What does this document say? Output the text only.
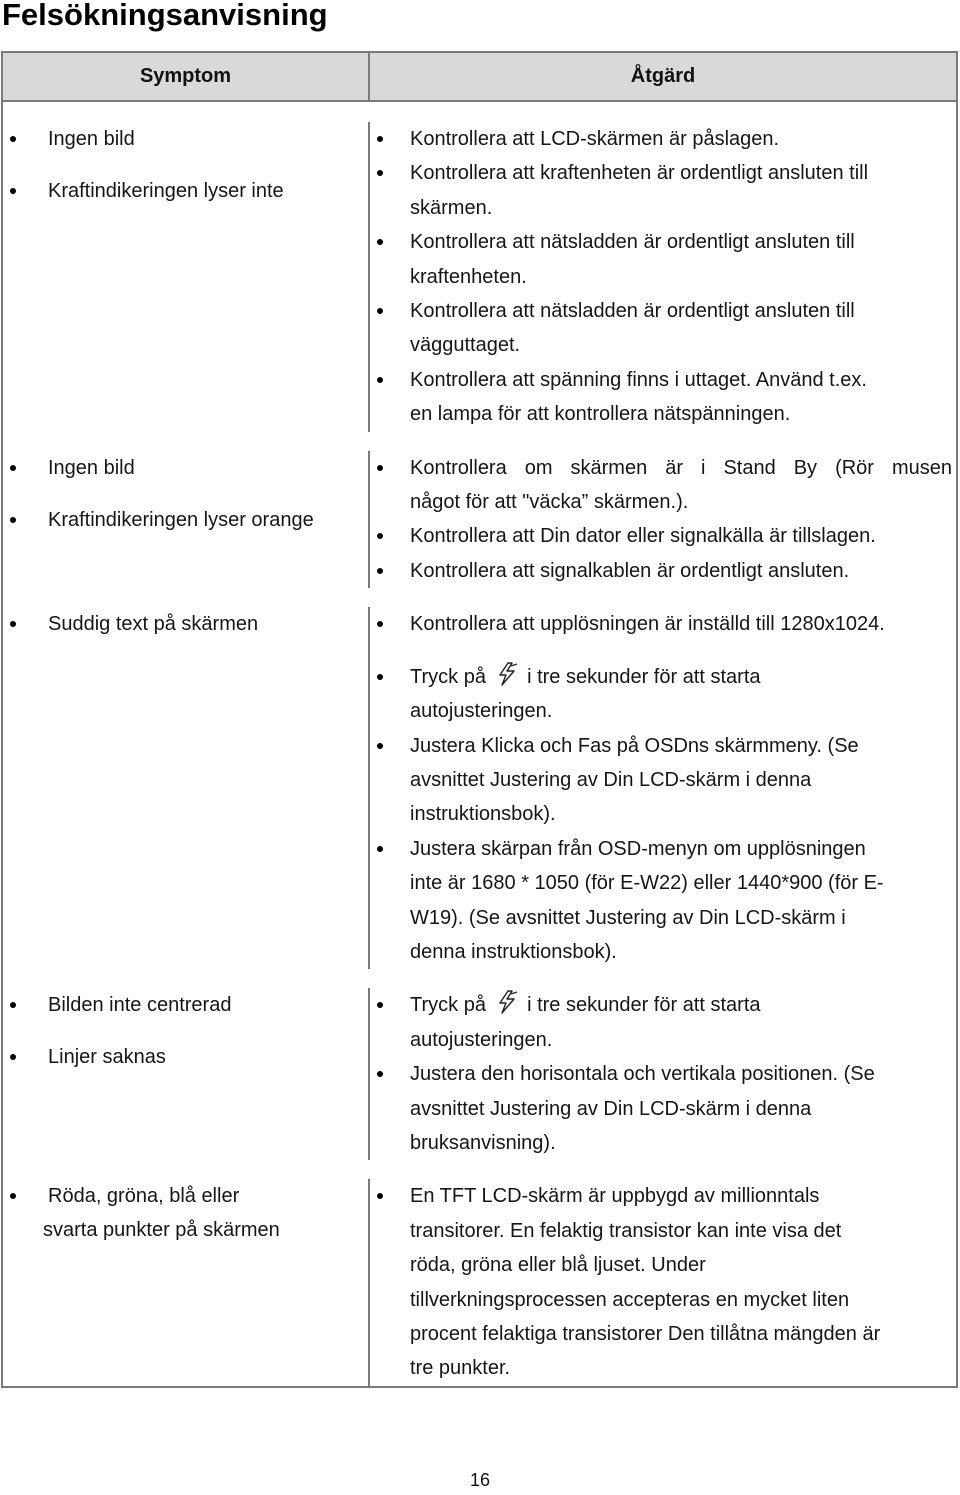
Felsökningsanvisning
Symptom	Åtgärd
Ingen bild
Kraftindikeringen lyser inte
Kontrollera att LCD-skärmen är påslagen.
Kontrollera att kraftenheten är ordentligt ansluten till
skärmen.
Kontrollera att nätsladden är ordentligt ansluten till
kraftenheten.
Kontrollera att nätsladden är ordentligt ansluten till
vägguttaget.
Kontrollera att spänning finns i uttaget. Använd t.ex.
en lampa för att kontrollera nätspänningen.
Ingen bild
Kraftindikeringen lyser orange
Kontrollera om skärmen är i Stand By (Rör musen
något för att "väcka” skärmen.).
Kontrollera att Din dator eller signalkälla är tillslagen.
Kontrollera att signalkablen är ordentligt ansluten.
Suddig text på skärmen	Kontrollera att upplösningen är inställd till 1280x1024.
Tryck på i tre sekunder för att starta
autojusteringen.
Justera Klicka och Fas på OSDns skärmmeny. (Se
avsnittet Justering av Din LCD-skärm i denna
instruktionsbok).
Justera skärpan från OSD-menyn om upplösningen
inte är 1680 * 1050 (för E-W22) eller 1440*900 (för E-
W19). (Se avsnittet Justering av Din LCD-skärm i
denna instruktionsbok).
Bilden inte centrerad
Linjer saknas
Tryck på i tre sekunder för att starta
autojusteringen.
Justera den horisontala och vertikala positionen. (Se
avsnittet Justering av Din LCD-skärm i denna
bruksanvisning).
Röda, gröna, blå eller
svarta punkter på skärmen
En TFT LCD-skärm är uppbygd av millionntals
transitorer. En felaktig transistor kan inte visa det
röda, gröna eller blå ljuset. Under
tillverkningsprocessen accepteras en mycket liten
procent felaktiga transistorer Den tillåtna mängden är
tre punkter.
16
